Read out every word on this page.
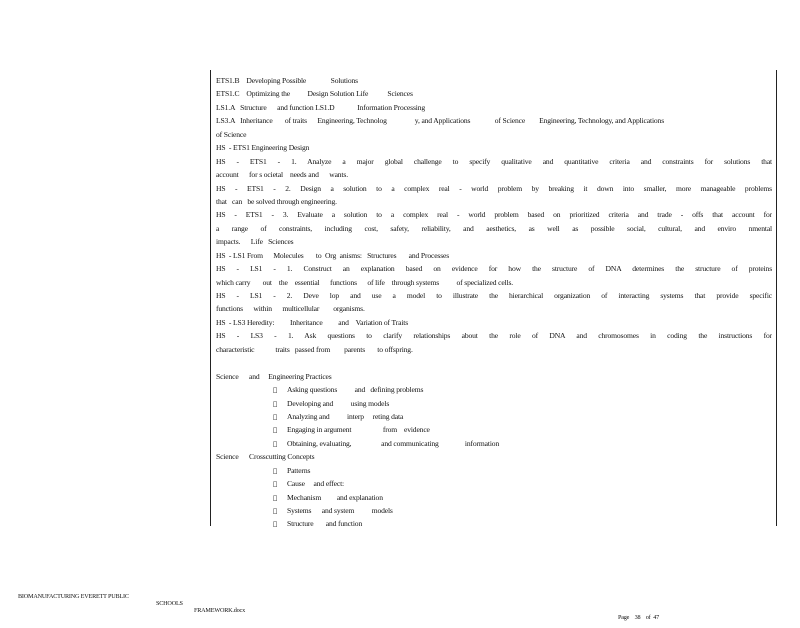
ETS1.B    Developing Possible              Solutions
ETS1.C    Optimizing the          Design Solution Life           Sciences
LS1.A   Structure      and function LS1.D             Information Processing
LS3.A   Inheritance       of traits      Engineering, Technolog                y, and Applications              of Science        Engineering, Technology, and Applications
of Science
HS  - ETS1 Engineering Design
HS - ETS1 - 1. Analyze a major global challenge to specify qualitative and quantitative criteria and constraints for solutions that
account      for s ocietal    needs and      wants.
HS - ETS1 - 2. Design a solution to a complex real - world problem by breaking it down into smaller, more manageable problems
that   can   be solved through engineering.
HS - ETS1 - 3. Evaluate a solution to a complex real - world problem based on prioritized criteria and trade - offs that account for
a range of constraints, including cost, safety, reliability, and aesthetics, as well as possible social, cultural, and enviro nmental
impacts.      Life   Sciences
HS  - LS1 From      Molecules       to  Org  anisms:   Structures       and Processes
HS - LS1 - 1. Construct an explanation based on evidence for how the structure of DNA determines the structure of proteins
which carry       out    the    essential      functions      of life    through systems          of specialized cells.
HS - LS1 - 2. Deve lop and use a model to illustrate the hierarchical organization of interacting systems that provide specific
functions      within      multicellular        organisms.
HS  - LS3 Heredity:         Inheritance         and    Variation of Traits
HS - LS3 - 1. Ask questions to clarify relationships about the role of DNA and chromosomes in coding the instructions for
characteristic            traits   passed from        parents       to offspring.
Science      and     Engineering Practices
Asking questions          and   defining problems
Developing and          using models
Analyzing and          interp     reting data
Engaging in argument                  from    evidence
Obtaining, evaluating,                 and communicating               information
Science      Crosscutting Concepts
Patterns
Cause     and effect:
Mechanism         and explanation
Systems      and system          models
Structure       and function

BIOMANUFACTURING EVERETT PUBLIC

SCHOOLS

FRAMEWORK.docx

Page    38    of  47
